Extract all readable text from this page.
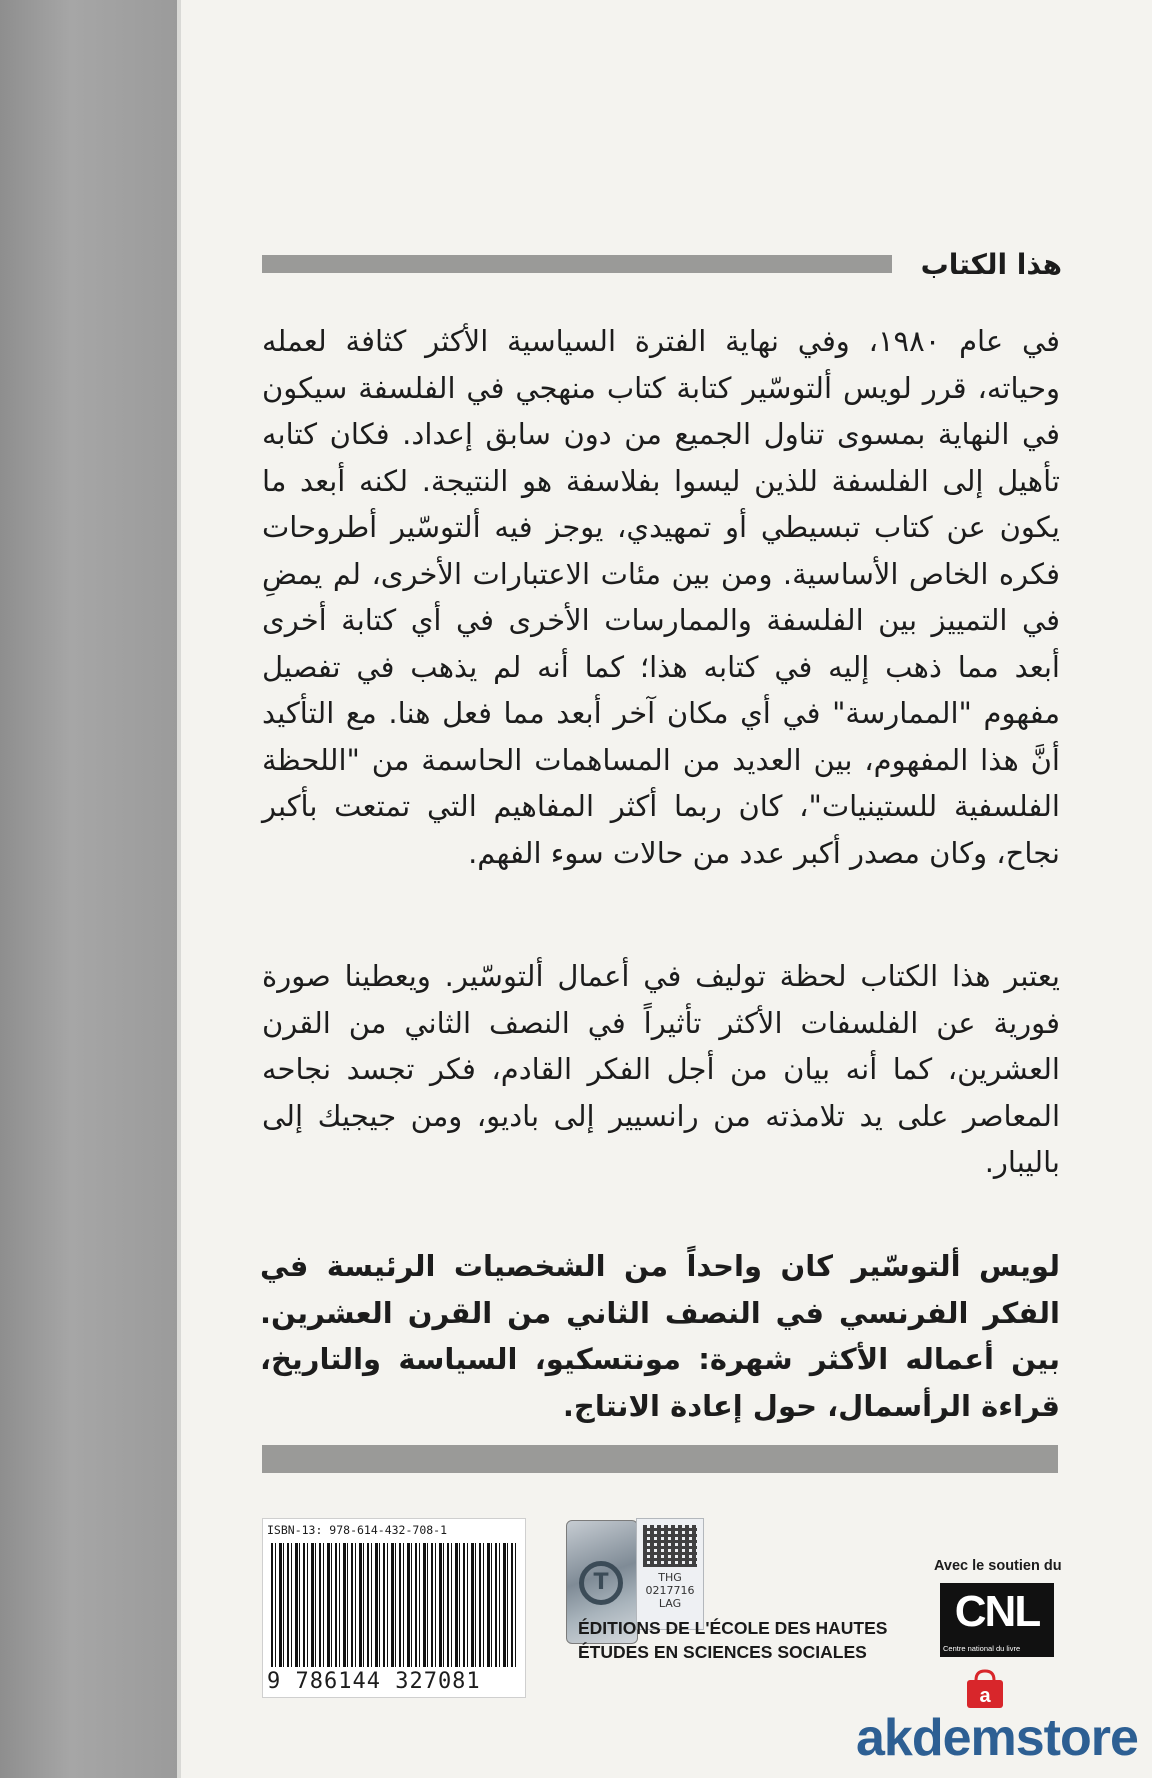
هذا الكتاب

في عام ١٩٨٠، وفي نهاية الفترة السياسية الأكثر كثافة لعمله وحياته، قرر لويس ألتوسّير كتابة كتاب منهجي في الفلسفة سيكون في النهاية بمسوى تناول الجميع من دون سابق إعداد. فكان كتابه تأهيل إلى الفلسفة للذين ليسوا بفلاسفة هو النتيجة. لكنه أبعد ما يكون عن كتاب تبسيطي أو تمهيدي، يوجز فيه ألتوسّير أطروحات فكره الخاص الأساسية. ومن بين مئات الاعتبارات الأخرى، لم يمضِ في التمييز بين الفلسفة والممارسات الأخرى في أي كتابة أخرى أبعد مما ذهب إليه في كتابه هذا؛ كما أنه لم يذهب في تفصيل مفهوم "الممارسة" في أي مكان آخر أبعد مما فعل هنا. مع التأكيد أنَّ هذا المفهوم، بين العديد من المساهمات الحاسمة من "اللحظة الفلسفية للستينيات"، كان ربما أكثر المفاهيم التي تمتعت بأكبر نجاح، وكان مصدر أكبر عدد من حالات سوء الفهم.

يعتبر هذا الكتاب لحظة توليف في أعمال ألتوسّير. ويعطينا صورة فورية عن الفلسفات الأكثر تأثيراً في النصف الثاني من القرن العشرين، كما أنه بيان من أجل الفكر القادم، فكر تجسد نجاحه المعاصر على يد تلامذته من رانسيير إلى باديو، ومن جيجيك إلى باليبار.

لويس ألتوسّير كان واحداً من الشخصيات الرئيسة في الفكر الفرنسي في النصف الثاني من القرن العشرين. بين أعماله الأكثر شهرة: مونتسكيو، السياسة والتاريخ، قراءة الرأسمال، حول إعادة الانتاج.

ISBN-13: 978-614-432-708-1
9 786144 327081
T	THG
0217716
LAG
ÉDITIONS DE L'ÉCOLE DES HAUTES
ÉTUDES EN SCIENCES SOCIALES
Avec le soutien du
CNL
Centre national du livre
a
akdemstore
